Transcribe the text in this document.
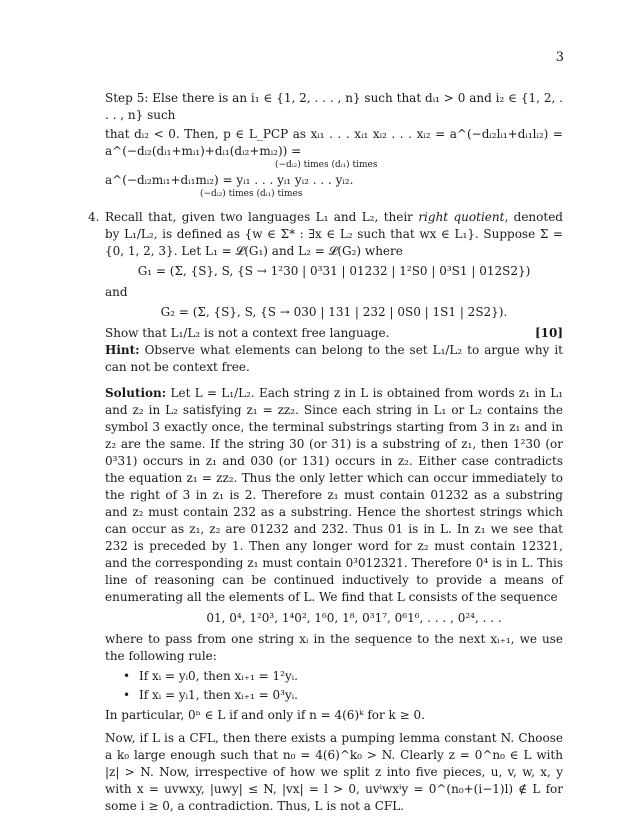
3

Step 5: Else there is an i₁ ∈ {1, 2, . . . , n} such that dᵢ₁ > 0 and i₂ ∈ {1, 2, . . . , n} such

that dᵢ₂ < 0. Then, p ∈ L_PCP as xᵢ₁ . . . xᵢ₁ xᵢ₂ . . . xᵢ₂ = a^(−dᵢ₂lᵢ₁+dᵢ₁lᵢ₂) = a^(−dᵢ₂(dᵢ₁+mᵢ₁)+dᵢ₁(dᵢ₂+mᵢ₂)) =

(−dᵢ₂) times (dᵢ₁) times

a^(−dᵢ₂mᵢ₁+dᵢ₁mᵢ₂) = yᵢ₁ . . . yᵢ₁ yᵢ₂ . . . yᵢ₂.

(−dᵢ₂) times (dᵢ₁) times
4. Recall that, given two languages L₁ and L₂, their right quotient, denoted by L₁/L₂, is defined as {w ∈ Σ* : ∃x ∈ L₂ such that wx ∈ L₁}. Suppose Σ = {0, 1, 2, 3}. Let L₁ = 𝓛(G₁) and L₂ = 𝓛(G₂) where

G₁ = (Σ, {S}, S, {S → 1²30 | 0³31 | 01232 | 1²S0 | 0³S1 | 012S2})

and

G₂ = (Σ, {S}, S, {S → 030 | 131 | 232 | 0S0 | 1S1 | 2S2}).

[10]
Show that L₁/L₂ is not a context free language.

Hint: Observe what elements can belong to the set L₁/L₂ to argue why it can not be context free.

Solution: Let L = L₁/L₂. Each string z in L is obtained from words z₁ in L₁ and z₂ in L₂ satisfying z₁ = zz₂. Since each string in L₁ or L₂ contains the symbol 3 exactly once, the terminal substrings starting from 3 in z₁ and in z₂ are the same. If the string 30 (or 31) is a substring of z₁, then 1²30 (or 0³31) occurs in z₁ and 030 (or 131) occurs in z₂. Either case contradicts the equation z₁ = zz₂. Thus the only letter which can occur immediately to the right of 3 in z₁ is 2. Therefore z₁ must contain 01232 as a substring and z₂ must contain 232 as a substring. Hence the shortest strings which can occur as z₁, z₂ are 01232 and 232. Thus 01 is in L. In z₁ we see that 232 is preceded by 1. Then any longer word for z₂ must contain 12321, and the corresponding z₁ must contain 0³012321. Therefore 0⁴ is in L. This line of reasoning can be continued inductively to provide a means of enumerating all the elements of L. We find that L consists of the sequence

01, 0⁴, 1²0³, 1⁴0², 1⁶0, 1⁸, 0³1⁷, 0⁶1⁶, . . . , 0²⁴, . . .

where to pass from one string xᵢ in the sequence to the next xᵢ₊₁, we use the following rule:

• If xᵢ = yᵢ0, then xᵢ₊₁ = 1²yᵢ.
• If xᵢ = yᵢ1, then xᵢ₊₁ = 0³yᵢ.

In particular, 0ⁿ ∈ L if and only if n = 4(6)ᵏ for k ≥ 0.

Now, if L is a CFL, then there exists a pumping lemma constant N. Choose a k₀ large enough such that n₀ = 4(6)^k₀ > N. Clearly z = 0^n₀ ∈ L with |z| > N. Now, irrespective of how we split z into five pieces, u, v, w, x, y with x = uvwxy, |uwy| ≤ N, |vx| = l > 0, uvⁱwxⁱy = 0^(n₀+(i−1)l) ∉ L for some i ≥ 0, a contradiction. Thus, L is not a CFL.
